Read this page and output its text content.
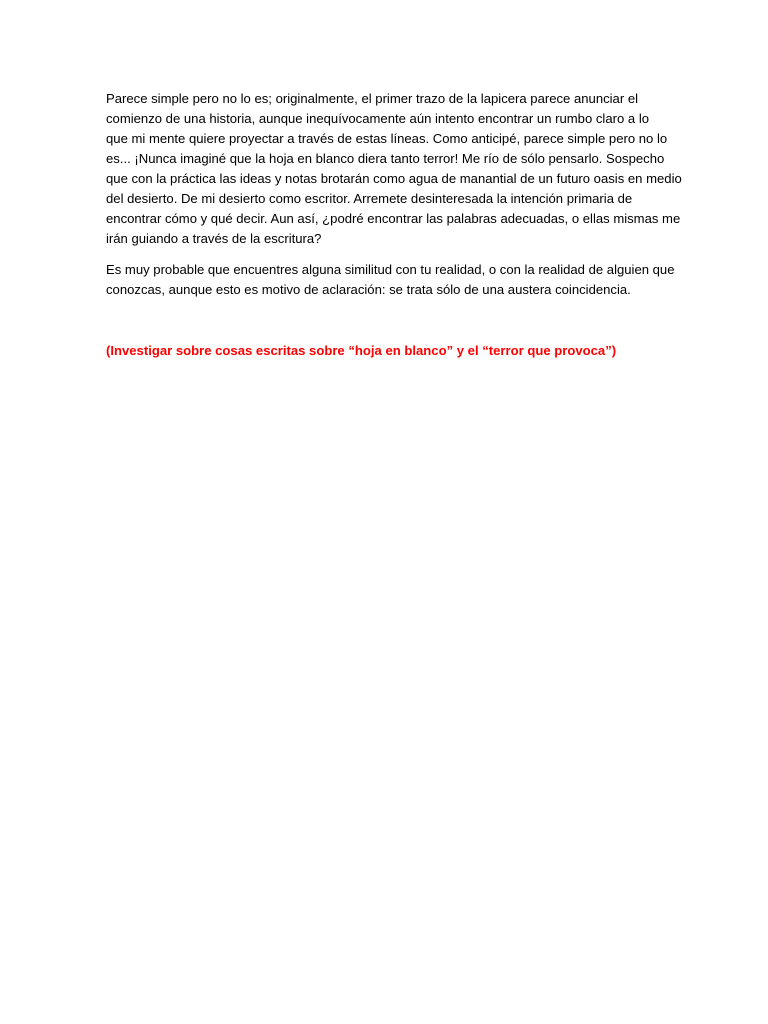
Parece simple pero no lo es; originalmente, el primer trazo de la lapicera parece anunciar el
comienzo de una historia, aunque inequívocamente aún intento encontrar un rumbo claro a lo
que mi mente quiere proyectar a través de estas líneas. Como anticipé, parece simple pero no lo
es... ¡Nunca imaginé que la hoja en blanco diera tanto terror! Me río de sólo pensarlo. Sospecho
que con la práctica las ideas y notas brotarán como agua de manantial de un futuro oasis en medio
del desierto. De mi desierto como escritor. Arremete desinteresada la intención primaria de
encontrar cómo y qué decir. Aun así, ¿podré encontrar las palabras adecuadas, o ellas mismas me
irán guiando a través de la escritura?

Es muy probable que encuentres alguna similitud con tu realidad, o con la realidad de alguien que
conozcas, aunque esto es motivo de aclaración: se trata sólo de una austera coincidencia.

(Investigar sobre cosas escritas sobre “hoja en blanco” y el “terror que provoca”)
